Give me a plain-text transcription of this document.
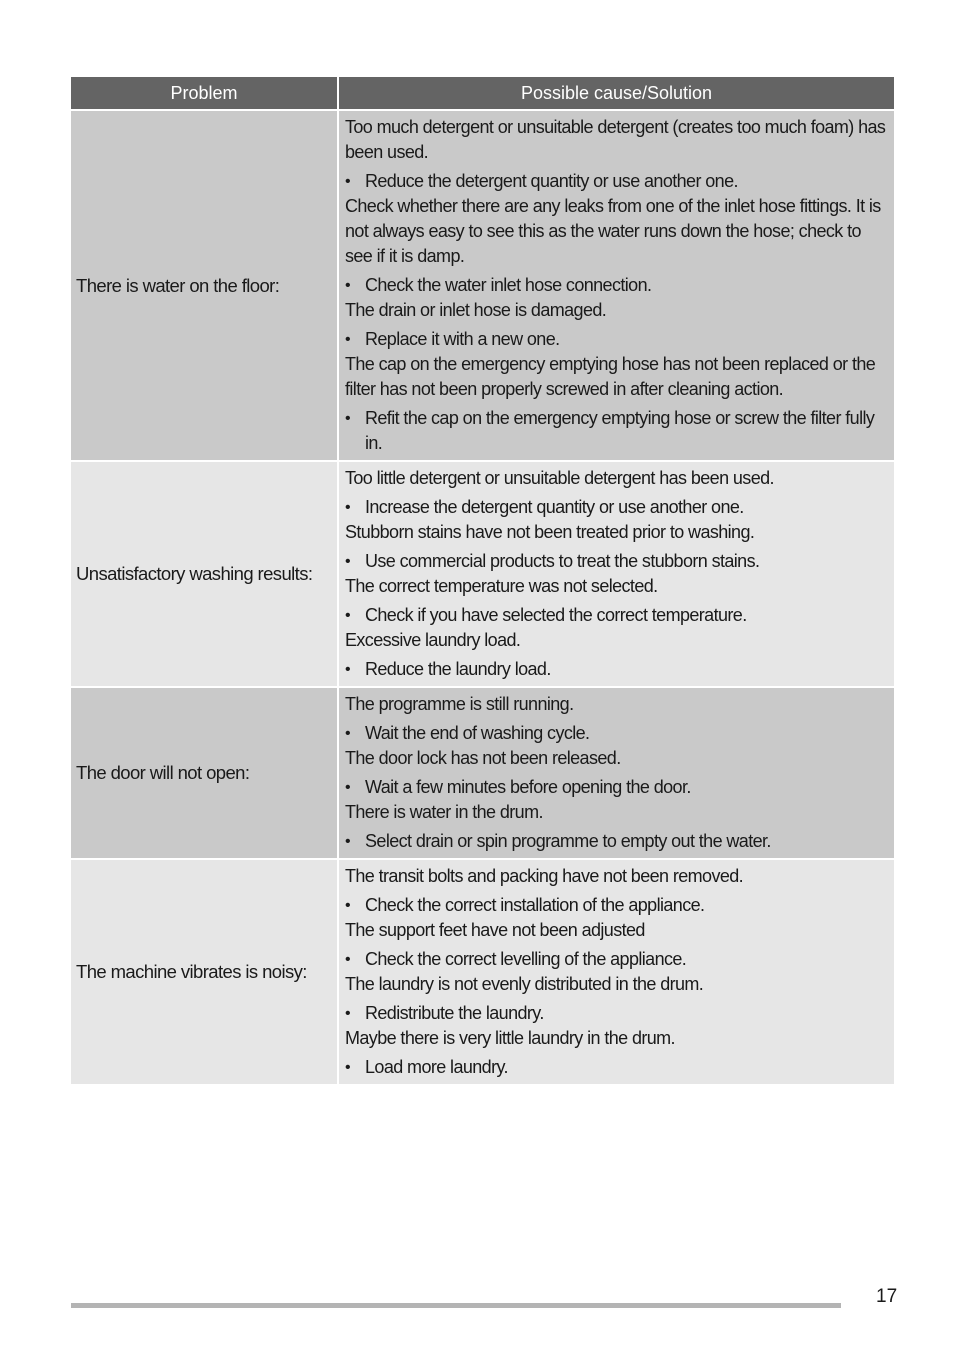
Problem	Possible cause/Solution
There is water on the floor:

Too much detergent or unsuitable detergent (creates too much foam) has been used.

• Reduce the detergent quantity or use another one.

Check whether there are any leaks from one of the inlet hose fittings. It is not always easy to see this as the water runs down the hose; check to see if it is damp.

• Check the water inlet hose connection.

The drain or inlet hose is damaged.

• Replace it with a new one.

The cap on the emergency emptying hose has not been replaced or the filter has not been properly screwed in after cleaning action.

• Refit the cap on the emergency emptying hose or screw the filter fully in.
Unsatisfactory washing results:

Too little detergent or unsuitable detergent has been used.

• Increase the detergent quantity or use another one.

Stubborn stains have not been treated prior to washing.

• Use commercial products to treat the stubborn stains.

The correct temperature was not selected.

• Check if you have selected the correct temperature.

Excessive laundry load.

• Reduce the laundry load.
The door will not open:

The programme is still running.

• Wait the end of washing cycle.

The door lock has not been released.

• Wait a few minutes before opening the door.

There is water in the drum.

• Select drain or spin programme to empty out the water.
The machine vibrates is noisy:

The transit bolts and packing have not been removed.

• Check the correct installation of the appliance.

The support feet have not been adjusted

• Check the correct levelling of the appliance.

The laundry is not evenly distributed in the drum.

• Redistribute the laundry.

Maybe there is very little laundry in the drum.

• Load more laundry.
17
